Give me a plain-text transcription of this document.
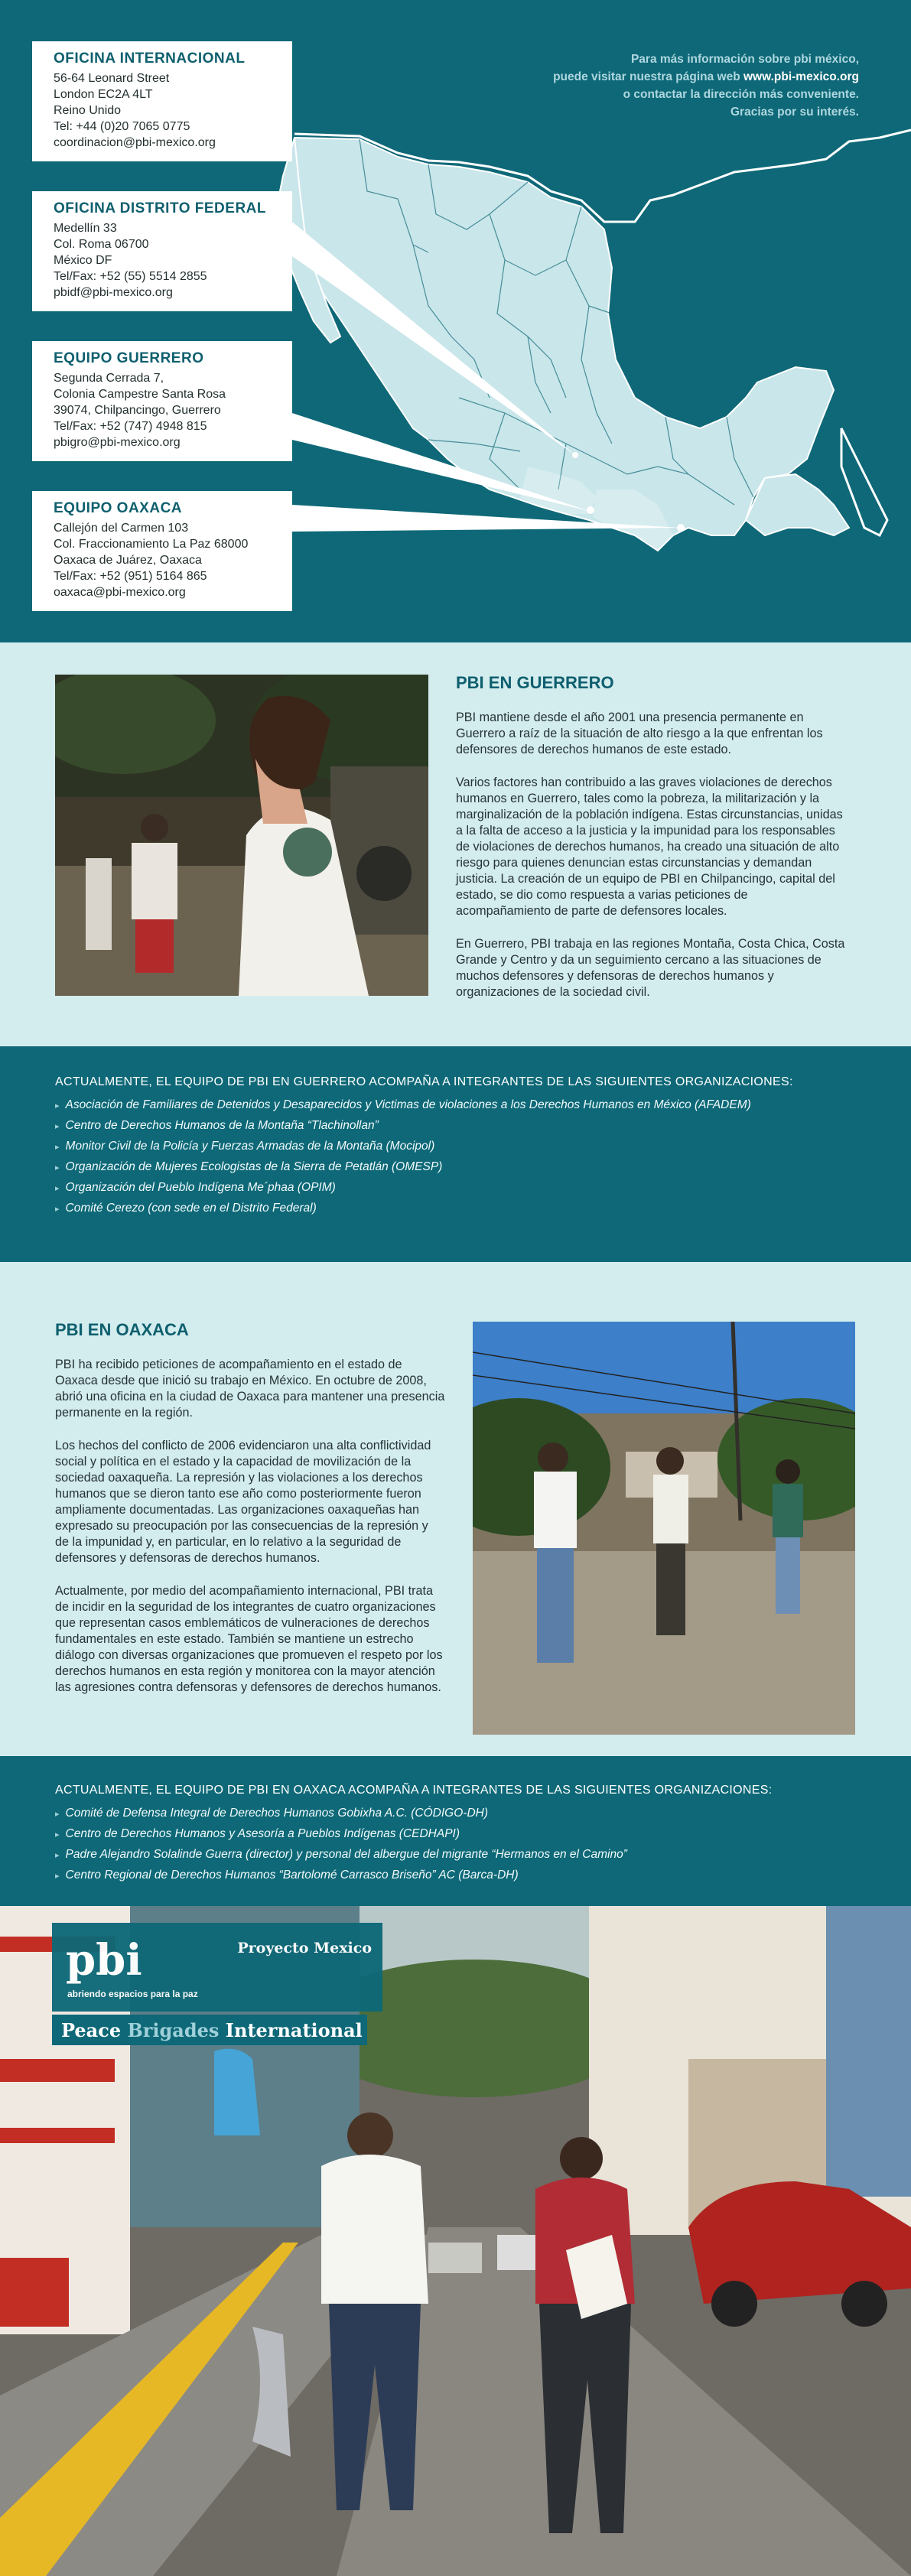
Para más información sobre pbi méxico,
puede visitar nuestra página web www.pbi-mexico.org
o contactar la dirección más conveniente.
Gracias por su interés.
OFICINA INTERNACIONAL
56-64 Leonard Street
London EC2A 4LT
Reino Unido
Tel: +44 (0)20 7065 0775
coordinacion@pbi-mexico.org
OFICINA DISTRITO FEDERAL
Medellín 33
Col. Roma 06700
México DF
Tel/Fax: +52 (55) 5514 2855
pbidf@pbi-mexico.org
EQUIPO GUERRERO
Segunda Cerrada 7,
Colonia Campestre Santa Rosa
39074, Chilpancingo, Guerrero
Tel/Fax: +52 (747) 4948 815
pbigro@pbi-mexico.org
EQUIPO OAXACA
Callejón del Carmen 103
Col. Fraccionamiento La Paz 68000
Oaxaca de Juárez, Oaxaca
Tel/Fax: +52 (951) 5164 865
oaxaca@pbi-mexico.org
PBI EN GUERRERO

PBI mantiene desde el año 2001 una presencia permanente en Guerrero a raíz de la situación de alto riesgo a la que enfrentan los defensores de derechos humanos de este estado.

Varios factores han contribuido a las graves violaciones de derechos humanos en Guerrero, tales como la pobreza, la militarización y la marginalización de la población indígena. Estas circunstancias, unidas a la falta de acceso a la justicia y la impunidad para los responsables de violaciones de derechos humanos, ha creado una situación de alto riesgo para quienes denuncian estas circunstancias y demandan justicia. La creación de un equipo de PBI en Chilpancingo, capital del estado, se dio como respuesta a varias peticiones de acompañamiento de parte de defensores locales.

En Guerrero, PBI trabaja en las regiones Montaña, Costa Chica, Costa Grande y Centro y da un seguimiento cercano a las situaciones de muchos defensores y defensoras de derechos humanos y organizaciones de la sociedad civil.

ACTUALMENTE, EL EQUIPO DE PBI EN GUERRERO ACOMPAÑA A INTEGRANTES DE LAS SIGUIENTES ORGANIZACIONES:
▸ Asociación de Familiares de Detenidos y Desaparecidos y Victimas de violaciones a los Derechos Humanos en México (AFADEM)
▸ Centro de Derechos Humanos de la Montaña “Tlachinollan”
▸ Monitor Civil de la Policía y Fuerzas Armadas de la Montaña (Mocipol)
▸ Organización de Mujeres Ecologistas de la Sierra de Petatlán (OMESP)
▸ Organización del Pueblo Indígena Me´phaa (OPIM)
▸ Comité Cerezo (con sede en el Distrito Federal)
PBI EN OAXACA

PBI ha recibido peticiones de acompañamiento en el estado de Oaxaca desde que inició su trabajo en México. En octubre de 2008, abrió una oficina en la ciudad de Oaxaca para mantener una presencia permanente en la región.

Los hechos del conflicto de 2006 evidenciaron una alta conflictividad social y política en el estado y la capacidad de movilización de la sociedad oaxaqueña. La represión y las violaciones a los derechos humanos que se dieron tanto ese año como posteriormente fueron ampliamente documentadas. Las organizaciones oaxaqueñas han expresado su preocupación por las consecuencias de la represión y de la impunidad y, en particular, en lo relativo a la seguridad de defensores y defensoras de derechos humanos.

Actualmente, por medio del acompañamiento internacional, PBI trata de incidir en la seguridad de los integrantes de cuatro organizaciones que representan casos emblemáticos de vulneraciones de derechos fundamentales en este estado. También se mantiene un estrecho diálogo con diversas organizaciones que promueven el respeto por los derechos humanos en esta región y monitorea con la mayor atención las agresiones contra defensoras y defensores de derechos humanos.

ACTUALMENTE, EL EQUIPO DE PBI EN OAXACA ACOMPAÑA A INTEGRANTES DE LAS SIGUIENTES ORGANIZACIONES:
▸ Comité de Defensa Integral de Derechos Humanos Gobixha A.C. (CÓDIGO-DH)
▸ Centro de Derechos Humanos y Asesoría a Pueblos Indígenas (CEDHAPI)
▸ Padre Alejandro Solalinde Guerra (director) y personal del albergue del migrante “Hermanos en el Camino”
▸ Centro Regional de Derechos Humanos “Bartolomé Carrasco Briseño” AC (Barca-DH)
pbi
abriendo espacios para la paz
Proyecto Mexico
Peace Brigades International
